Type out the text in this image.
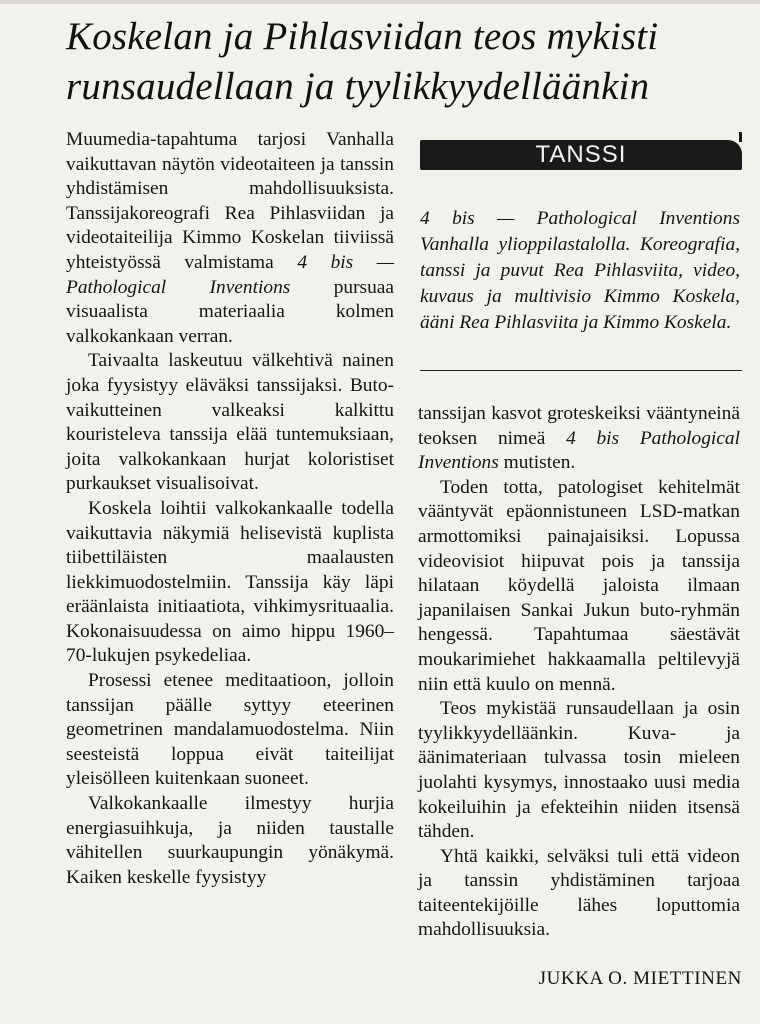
Koskelan ja Pihlasviidan teos mykisti
runsaudellaan ja tyylikkyydelläänkin

Muumedia-tapahtuma tarjosi Vanhalla vaikuttavan näytön videotaiteen ja tanssin yhdistämisen mahdollisuuksista. Tanssijakoreografi Rea Pihlasviidan ja videotaiteilija Kimmo Koskelan tiiviissä yhteistyössä valmistama 4 bis — Pathological Inventions pursuaa visuaalista materiaalia kolmen valkokankaan verran.

Taivaalta laskeutuu välkehtivä nainen joka fyysistyy eläväksi tanssijaksi. Buto-vaikutteinen valkeaksi kalkittu kouristeleva tanssija elää tuntemuksiaan, joita valkokankaan hurjat koloristiset purkaukset visualisoivat.

Koskela loihtii valkokankaalle todella vaikuttavia näkymiä helisevistä kuplista tiibettiläisten maalausten liekkimuodostelmiin. Tanssija käy läpi eräänlaista initiaatiota, vihkimysrituaalia. Kokonaisuudessa on aimo hippu 1960–70-lukujen psykedeliaa.

Prosessi etenee meditaatioon, jolloin tanssijan päälle syttyy eteerinen geometrinen mandalamuodostelma. Niin seesteistä loppua eivät taiteilijat yleisölleen kuitenkaan suoneet.

Valkokankaalle ilmestyy hurjia energiasuihkuja, ja niiden taustalle vähitellen suurkaupungin yönäkymä. Kaiken keskelle fyysistyy

TANSSI

4 bis — Pathological Inventions Vanhalla ylioppilastalolla. Koreografia, tanssi ja puvut Rea Pihlasviita, video, kuvaus ja multivisio Kimmo Koskela, ääni Rea Pihlasviita ja Kimmo Koskela.

tanssijan kasvot groteskeiksi vääntyneinä teoksen nimeä 4 bis Pathological Inventions mutisten.

Toden totta, patologiset kehitelmät vääntyvät epäonnistuneen LSD-matkan armottomiksi painajaisiksi. Lopussa videovisiot hiipuvat pois ja tanssija hilataan köydellä jaloista ilmaan japanilaisen Sankai Jukun buto-ryhmän hengessä. Tapahtumaa säestävät moukarimiehet hakkaamalla peltilevyjä niin että kuulo on mennä.

Teos mykistää runsaudellaan ja osin tyylikkyydelläänkin. Kuva- ja äänimateriaan tulvassa tosin mieleen juolahti kysymys, innostaako uusi media kokeiluihin ja efekteihin niiden itsensä tähden.

Yhtä kaikki, selväksi tuli että videon ja tanssin yhdistäminen tarjoaa taiteentekijöille lähes loputtomia mahdollisuuksia.

JUKKA O. MIETTINEN
